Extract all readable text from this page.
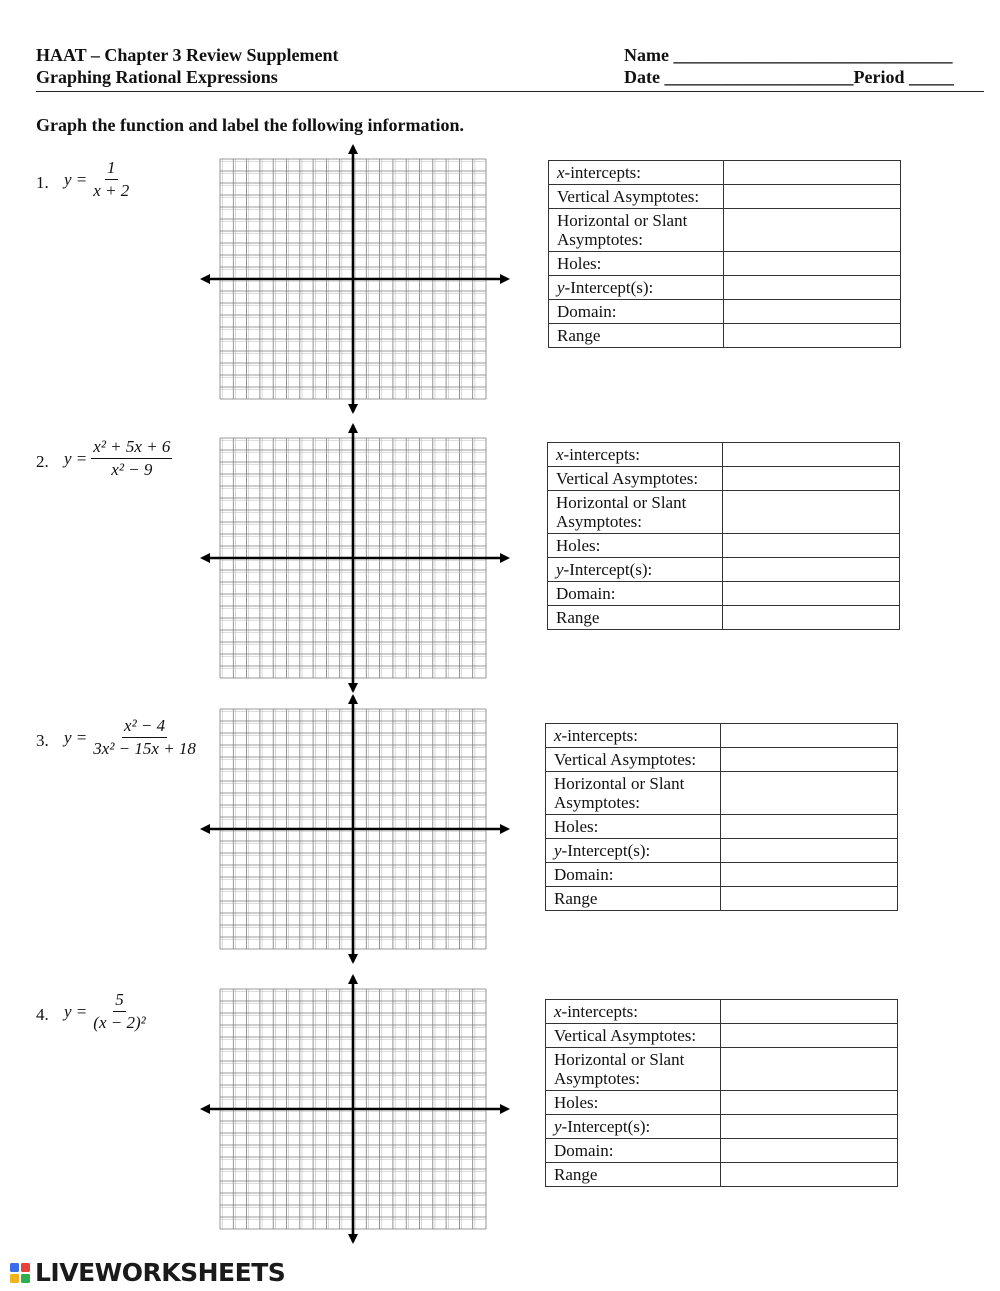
HAAT – Chapter 3 Review Supplement
Graphing Rational Expressions
Name _______________________________
Date _____________________Period _____
Graph the function and label the following information.
1. $y = \frac{1}{x + 2}$	x-intercepts:	
Vertical Asymptotes:	
Horizontal or Slant
Asymptotes:	
Holes:	
y-Intercept(s):	
Domain:	
Range	
2. $y = \frac{\text{x² + 5x + 6}}{\text{x² − 9}}$	x-intercepts:	
Vertical Asymptotes:	
Horizontal or Slant
Asymptotes:	
Holes:	
y-Intercept(s):	
Domain:	
Range	
3. $y = \frac{\text{x² − 4}}{\text{3x² − 15x + 18}}$	x-intercepts:	
Vertical Asymptotes:	
Horizontal or Slant
Asymptotes:	
Holes:	
y-Intercept(s):	
Domain:	
Range	
4. $y = \frac{5}{\text{(x − 2)²}}$	x-intercepts:	
Vertical Asymptotes:	
Horizontal or Slant
Asymptotes:	
Holes:	
y-Intercept(s):	
Domain:	
Range	
LIVEWORKSHEETS
